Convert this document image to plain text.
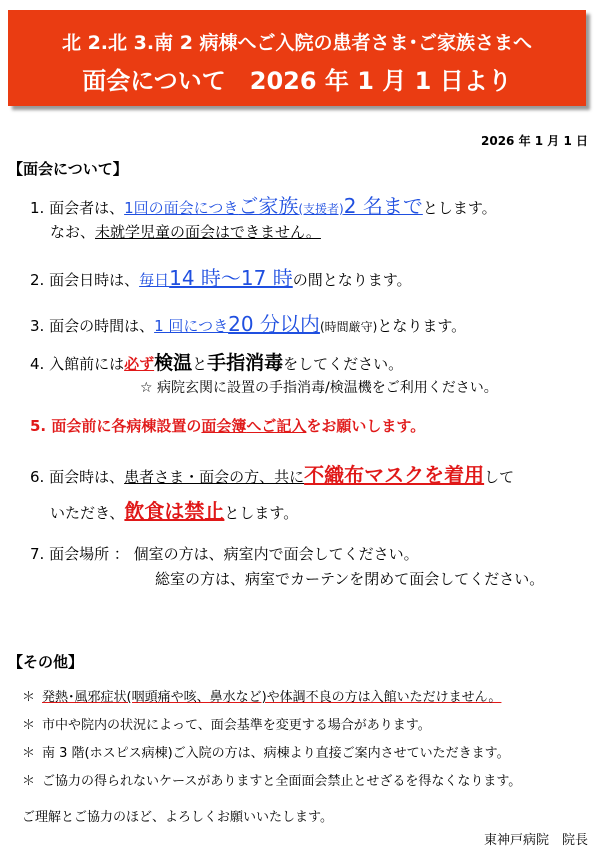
北 2.北 3.南 2 病棟へご入院の患者さま･ご家族さまへ
面会について　2026 年 1 月 1 日より
2026 年 1 月 1 日
【面会について】
1. 面会者は、1回の面会につきご家族(支援者)2 名までとします。
なお、未就学児童の面会はできません。
2. 面会日時は、毎日14 時～17 時の間となります。
3. 面会の時間は、1 回につき20 分以内(時間厳守)となります。
4. 入館前には必ず検温と手指消毒をしてください。
☆ 病院玄関に設置の手指消毒/検温機をご利用ください。
5. 面会前に各病棟設置の面会簿へご記入をお願いします。
6. 面会時は、患者さま・面会の方、共に不織布マスクを着用して
いただき、飲食は禁止とします。
7. 面会場所 ： 個室の方は、病室内で面会してください。
総室の方は、病室でカーテンを閉めて面会してください。
【その他】
＊ 発熱･風邪症状(咽頭痛や咳、鼻水など)や体調不良の方は入館いただけません。
＊ 市中や院内の状況によって、面会基準を変更する場合があります。
＊ 南 3 階(ホスピス病棟)ご入院の方は、病棟より直接ご案内させていただきます。
＊ ご協力の得られないケースがありますと全面面会禁止とせざるを得なくなります。
ご理解とご協力のほど、よろしくお願いいたします。
東神戸病院　院長
